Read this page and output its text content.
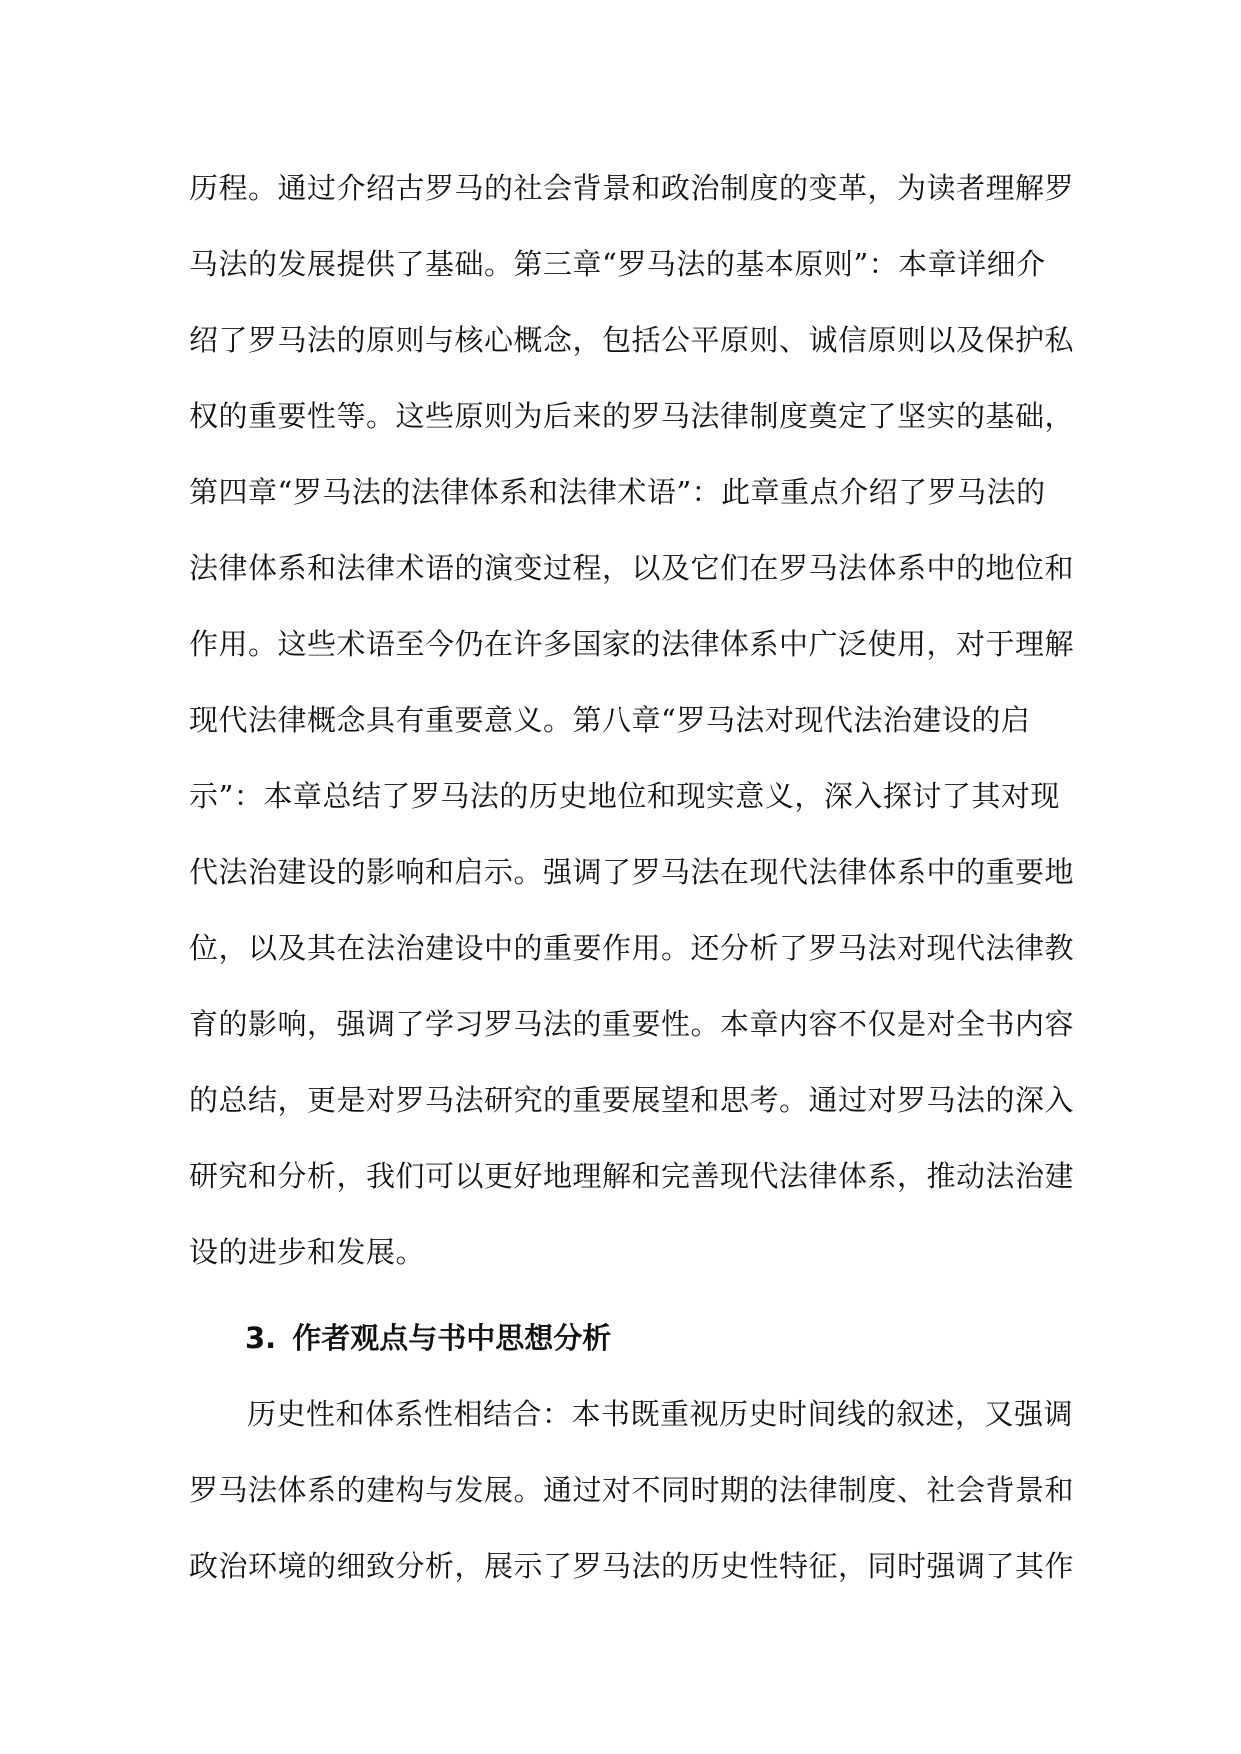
历程。通过介绍古罗马的社会背景和政治制度的变革，为读者理解罗
马法的发展提供了基础。第三章“罗马法的基本原则”：本章详细介
绍了罗马法的原则与核心概念，包括公平原则、诚信原则以及保护私
权的重要性等。这些原则为后来的罗马法律制度奠定了坚实的基础，
第四章“罗马法的法律体系和法律术语”：此章重点介绍了罗马法的
法律体系和法律术语的演变过程，以及它们在罗马法体系中的地位和
作用。这些术语至今仍在许多国家的法律体系中广泛使用，对于理解
现代法律概念具有重要意义。第八章“罗马法对现代法治建设的启
示”：本章总结了罗马法的历史地位和现实意义，深入探讨了其对现
代法治建设的影响和启示。强调了罗马法在现代法律体系中的重要地
位，以及其在法治建设中的重要作用。还分析了罗马法对现代法律教
育的影响，强调了学习罗马法的重要性。本章内容不仅是对全书内容
的总结，更是对罗马法研究的重要展望和思考。通过对罗马法的深入
研究和分析，我们可以更好地理解和完善现代法律体系，推动法治建
设的进步和发展。
3. 作者观点与书中思想分析
历史性和体系性相结合：本书既重视历史时间线的叙述，又强调
罗马法体系的建构与发展。通过对不同时期的法律制度、社会背景和
政治环境的细致分析，展示了罗马法的历史性特征，同时强调了其作
